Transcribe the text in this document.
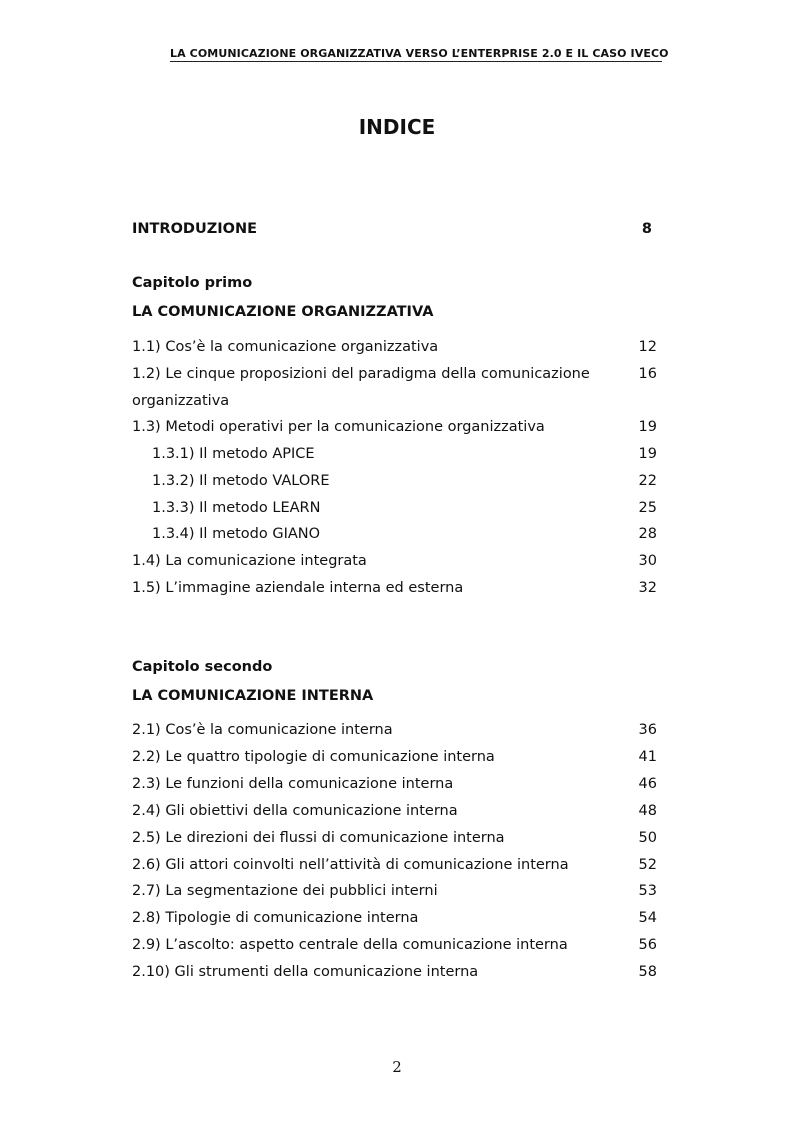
LA COMUNICAZIONE ORGANIZZATIVA VERSO L’ENTERPRISE 2.0 E IL CASO IVECO
INDICE
INTRODUZIONE	8
Capitolo primo
LA COMUNICAZIONE ORGANIZZATIVA
1.1) Cos’è la comunicazione organizzativa	12
1.2) Le cinque proposizioni del paradigma della comunicazione	16
organizzativa
1.3) Metodi operativi per la comunicazione organizzativa	19
1.3.1) Il metodo APICE	19
1.3.2) Il metodo VALORE	22
1.3.3) Il metodo LEARN	25
1.3.4) Il metodo GIANO	28
1.4) La comunicazione integrata	30
1.5) L’immagine aziendale interna ed esterna	32
Capitolo secondo
LA COMUNICAZIONE INTERNA
2.1) Cos’è la comunicazione interna	36
2.2) Le quattro tipologie di comunicazione interna	41
2.3) Le funzioni della comunicazione interna	46
2.4) Gli obiettivi della comunicazione interna	48
2.5) Le direzioni dei flussi di comunicazione interna	50
2.6) Gli attori coinvolti nell’attività di comunicazione interna	52
2.7) La segmentazione dei pubblici interni	53
2.8) Tipologie di comunicazione interna	54
2.9) L’ascolto: aspetto centrale della comunicazione interna	56
2.10) Gli strumenti della comunicazione interna	58
2
